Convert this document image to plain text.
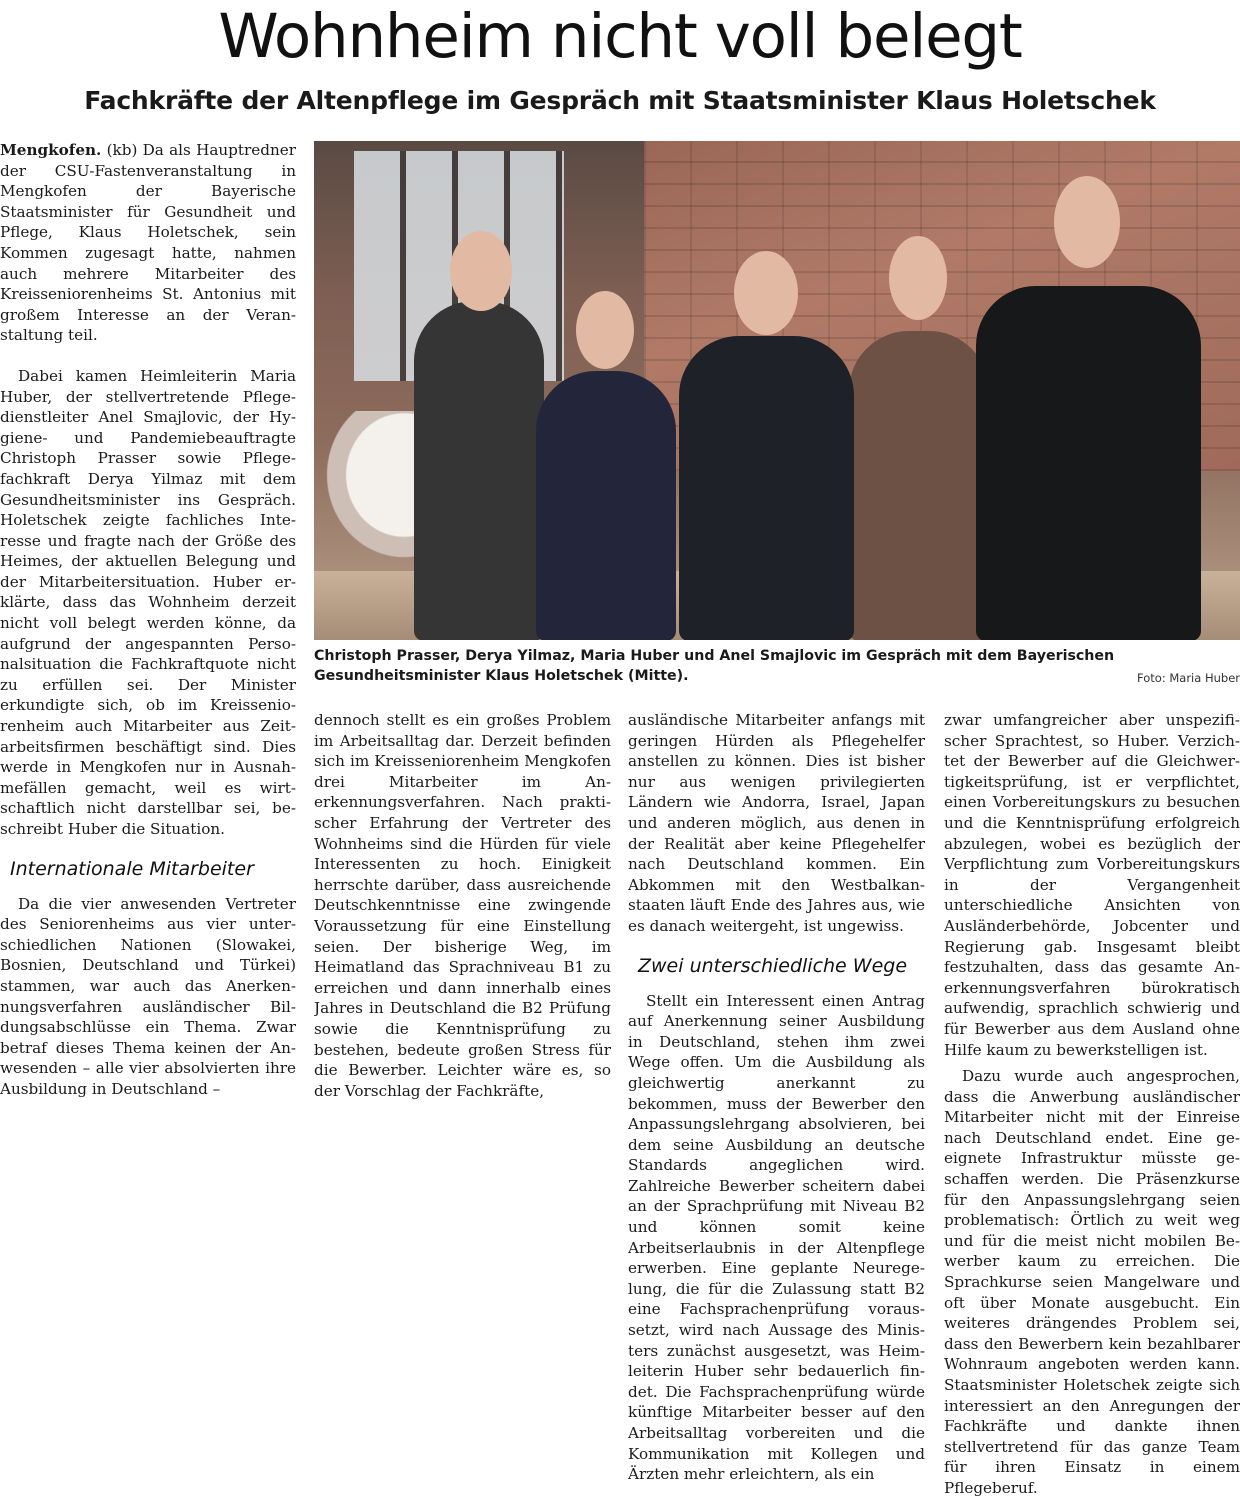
Wohnheim nicht voll belegt
Fachkräfte der Altenpflege im Gespräch mit Staatsminister Klaus Holetschek

Mengkofen. (kb) Da als Hauptredner der CSU-Fastenveranstaltung in Mengkofen der Bayerische Staatsminister für Gesundheit und Pflege, Klaus Holetschek, sein Kommen zugesagt hatte, nahmen auch mehrere Mitarbeiter des Kreisseniorenheims St. Antonius mit großem Interesse an der Veranstaltung teil.

Dabei kamen Heimleiterin Maria Huber, der stellvertretende Pflegedienstleiter Anel Smajlovic, der Hygiene- und Pandemiebeauftragte Christoph Prasser sowie Pflegefachkraft Derya Yilmaz mit dem Gesundheitsminister ins Gespräch. Holetschek zeigte fachliches Interesse und fragte nach der Größe des Heimes, der aktuellen Belegung und der Mitarbeitersituation. Huber erklärte, dass das Wohnheim derzeit nicht voll belegt werden könne, da aufgrund der angespannten Personalsituation die Fachkraftquote nicht zu erfüllen sei. Der Minister erkundigte sich, ob im Kreisseniorenheim auch Mitarbeiter aus Zeitarbeitsfirmen beschäftigt sind. Dies werde in Mengkofen nur in Ausnahmefällen gemacht, weil es wirtschaftlich nicht darstellbar sei, beschreibt Huber die Situation.

Internationale Mitarbeiter

Da die vier anwesenden Vertreter des Seniorenheims aus vier unterschiedlichen Nationen (Slowakei, Bosnien, Deutschland und Türkei) stammen, war auch das Anerkennungsverfahren ausländischer Bildungsabschlüsse ein Thema. Zwar betraf dieses Thema keinen der Anwesenden – alle vier absolvierten ihre Ausbildung in Deutschland –

Christoph Prasser, Derya Yilmaz, Maria Huber und Anel Smajlovic im Gespräch mit dem Bayerischen Gesundheitsminister Klaus Holetschek (Mitte).	Foto: Maria Huber

dennoch stellt es ein großes Problem im Arbeitsalltag dar. Derzeit befinden sich im Kreisseniorenheim Mengkofen drei Mitarbeiter im Anerkennungsverfahren. Nach praktischer Erfahrung der Vertreter des Wohnheims sind die Hürden für viele Interessenten zu hoch. Einigkeit herrschte darüber, dass ausreichende Deutschkenntnisse eine zwingende Voraussetzung für eine Einstellung seien. Der bisherige Weg, im Heimatland das Sprachniveau B1 zu erreichen und dann innerhalb eines Jahres in Deutschland die B2 Prüfung sowie die Kenntnisprüfung zu bestehen, bedeute großen Stress für die Bewerber. Leichter wäre es, so der Vorschlag der Fachkräfte,

ausländische Mitarbeiter anfangs mit geringen Hürden als Pflegehelfer anstellen zu können. Dies ist bisher nur aus wenigen privilegierten Ländern wie Andorra, Israel, Japan und anderen möglich, aus denen in der Realität aber keine Pflegehelfer nach Deutschland kommen. Ein Abkommen mit den Westbalkanstaaten läuft Ende des Jahres aus, wie es danach weitergeht, ist ungewiss.

Zwei unterschiedliche Wege

Stellt ein Interessent einen Antrag auf Anerkennung seiner Ausbildung in Deutschland, stehen ihm zwei Wege offen. Um die Ausbildung als gleichwertig anerkannt zu bekommen, muss der Bewerber den Anpassungslehrgang absolvieren, bei dem seine Ausbildung an deutsche Standards angeglichen wird. Zahlreiche Bewerber scheitern dabei an der Sprachprüfung mit Niveau B2 und können somit keine Arbeitserlaubnis in der Altenpflege erwerben. Eine geplante Neuregelung, die für die Zulassung statt B2 eine Fachsprachenprüfung voraussetzt, wird nach Aussage des Ministers zunächst ausgesetzt, was Heimleiterin Huber sehr bedauerlich findet. Die Fachsprachenprüfung würde künftige Mitarbeiter besser auf den Arbeitsalltag vorbereiten und die Kommunikation mit Kollegen und Ärzten mehr erleichtern, als ein

zwar umfangreicher aber unspezifischer Sprachtest, so Huber. Verzichtet der Bewerber auf die Gleichwertigkeitsprüfung, ist er verpflichtet, einen Vorbereitungskurs zu besuchen und die Kenntnisprüfung erfolgreich abzulegen, wobei es bezüglich der Verpflichtung zum Vorbereitungskurs in der Vergangenheit unterschiedliche Ansichten von Ausländerbehörde, Jobcenter und Regierung gab. Insgesamt bleibt festzuhalten, dass das gesamte Anerkennungsverfahren bürokratisch aufwendig, sprachlich schwierig und für Bewerber aus dem Ausland ohne Hilfe kaum zu bewerkstelligen ist.

Dazu wurde auch angesprochen, dass die Anwerbung ausländischer Mitarbeiter nicht mit der Einreise nach Deutschland endet. Eine geeignete Infrastruktur müsste geschaffen werden. Die Präsenzkurse für den Anpassungslehrgang seien problematisch: Örtlich zu weit weg und für die meist nicht mobilen Bewerber kaum zu erreichen. Die Sprachkurse seien Mangelware und oft über Monate ausgebucht. Ein weiteres drängendes Problem sei, dass den Bewerbern kein bezahlbarer Wohnraum angeboten werden kann. Staatsminister Holetschek zeigte sich interessiert an den Anregungen der Fachkräfte und dankte ihnen stellvertretend für das ganze Team für ihren Einsatz in einem Pflegeberuf.
